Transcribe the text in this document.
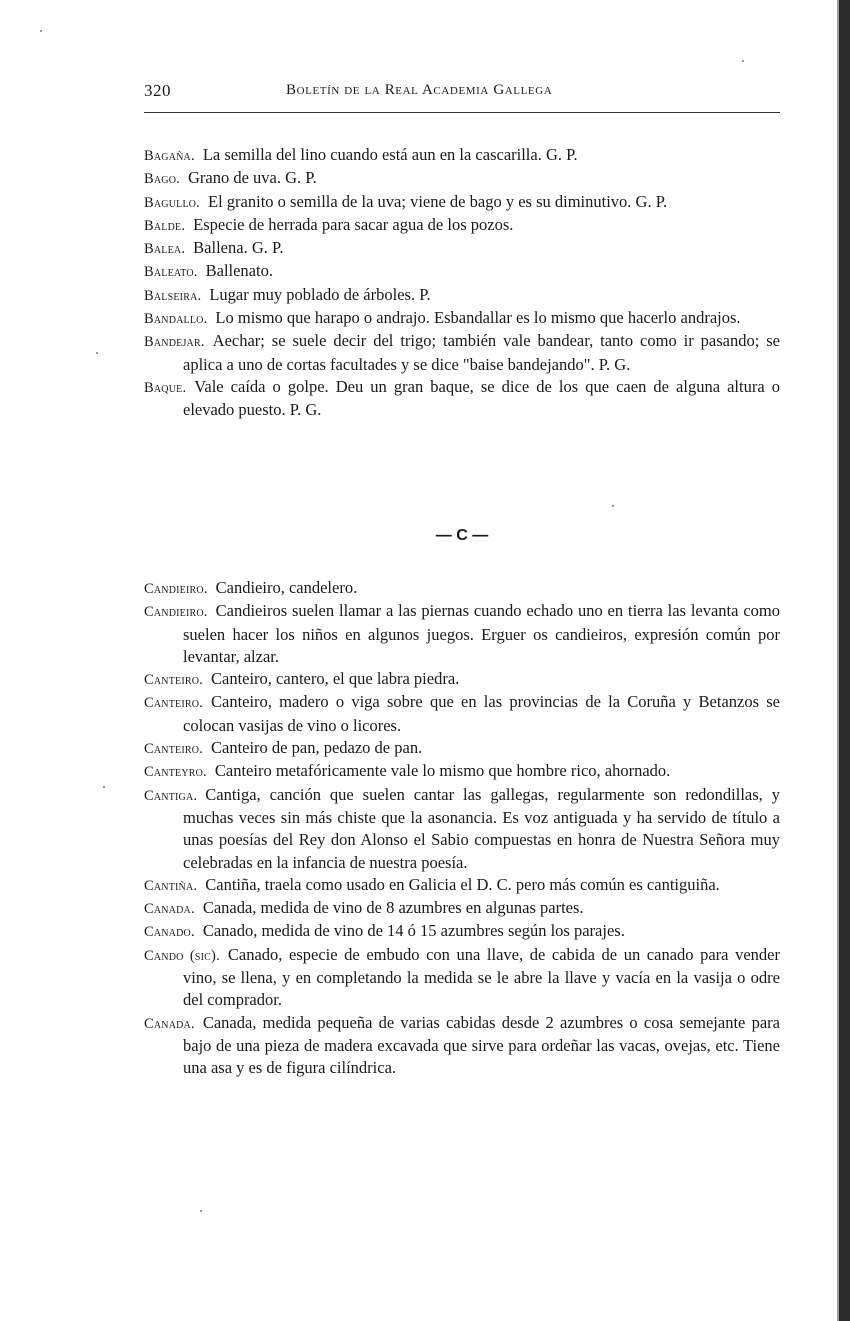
320	Boletín de la Real Academia Gallega

Bagaña. La semilla del lino cuando está aun en la cascarilla. G. P.

Bago. Grano de uva. G. P.

Bagullo. El granito o semilla de la uva; viene de bago y es su diminutivo. G. P.

Balde. Especie de herrada para sacar agua de los pozos.

Balea. Ballena. G. P.

Baleato. Ballenato.

Balseira. Lugar muy poblado de árboles. P.

Bandallo. Lo mismo que harapo o andrajo. Esbandallar es lo mismo que hacerlo andrajos.

Bandejar. Aechar; se suele decir del trigo; también vale bandear, tanto como ir pasando; se aplica a uno de cortas facultades y se dice "baise bandejando". P. G.

Baque. Vale caída o golpe. Deu un gran baque, se dice de los que caen de alguna altura o elevado puesto. P. G.

— C —

Candieiro. Candieiro, candelero.

Candieiro. Candieiros suelen llamar a las piernas cuando echado uno en tierra las levanta como suelen hacer los niños en algunos juegos. Erguer os candieiros, expresión común por levantar, alzar.

Canteiro. Canteiro, cantero, el que labra piedra.

Canteiro. Canteiro, madero o viga sobre que en las provincias de la Coruña y Betanzos se colocan vasijas de vino o licores.

Canteiro. Canteiro de pan, pedazo de pan.

Canteyro. Canteiro metafóricamente vale lo mismo que hombre rico, ahornado.

Cantiga. Cantiga, canción que suelen cantar las gallegas, regularmente son redondillas, y muchas veces sin más chiste que la asonancia. Es voz antiguada y ha servido de título a unas poesías del Rey don Alonso el Sabio compuestas en honra de Nuestra Señora muy celebradas en la infancia de nuestra poesía.

Cantiña. Cantiña, traela como usado en Galicia el D. C. pero más común es cantiguiña.

Canada. Canada, medida de vino de 8 azumbres en algunas partes.

Canado. Canado, medida de vino de 14 ó 15 azumbres según los parajes.

Cando (sic). Canado, especie de embudo con una llave, de cabida de un canado para vender vino, se llena, y en completando la medida se le abre la llave y vacía en la vasija o odre del comprador.

Canada. Canada, medida pequeña de varias cabidas desde 2 azumbres o cosa semejante para bajo de una pieza de madera excavada que sirve para ordeñar las vacas, ovejas, etc. Tiene una asa y es de figura cilíndrica.
